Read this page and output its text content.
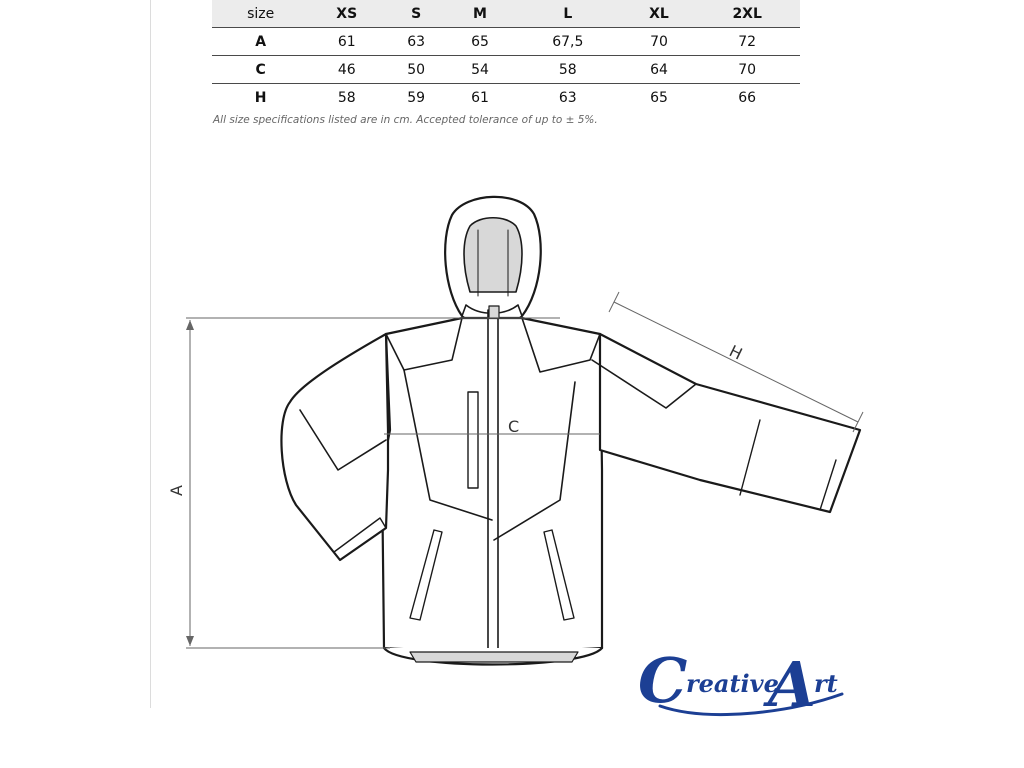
size	XS	S	M	L	XL	2XL
A	61	63	65	67,5	70	72
C	46	50	54	58	64	70
H	58	59	61	63	65	66
All size specifications listed are in cm. Accepted tolerance of up to ± 5%.
A
C
H
C
reative
A
rt
